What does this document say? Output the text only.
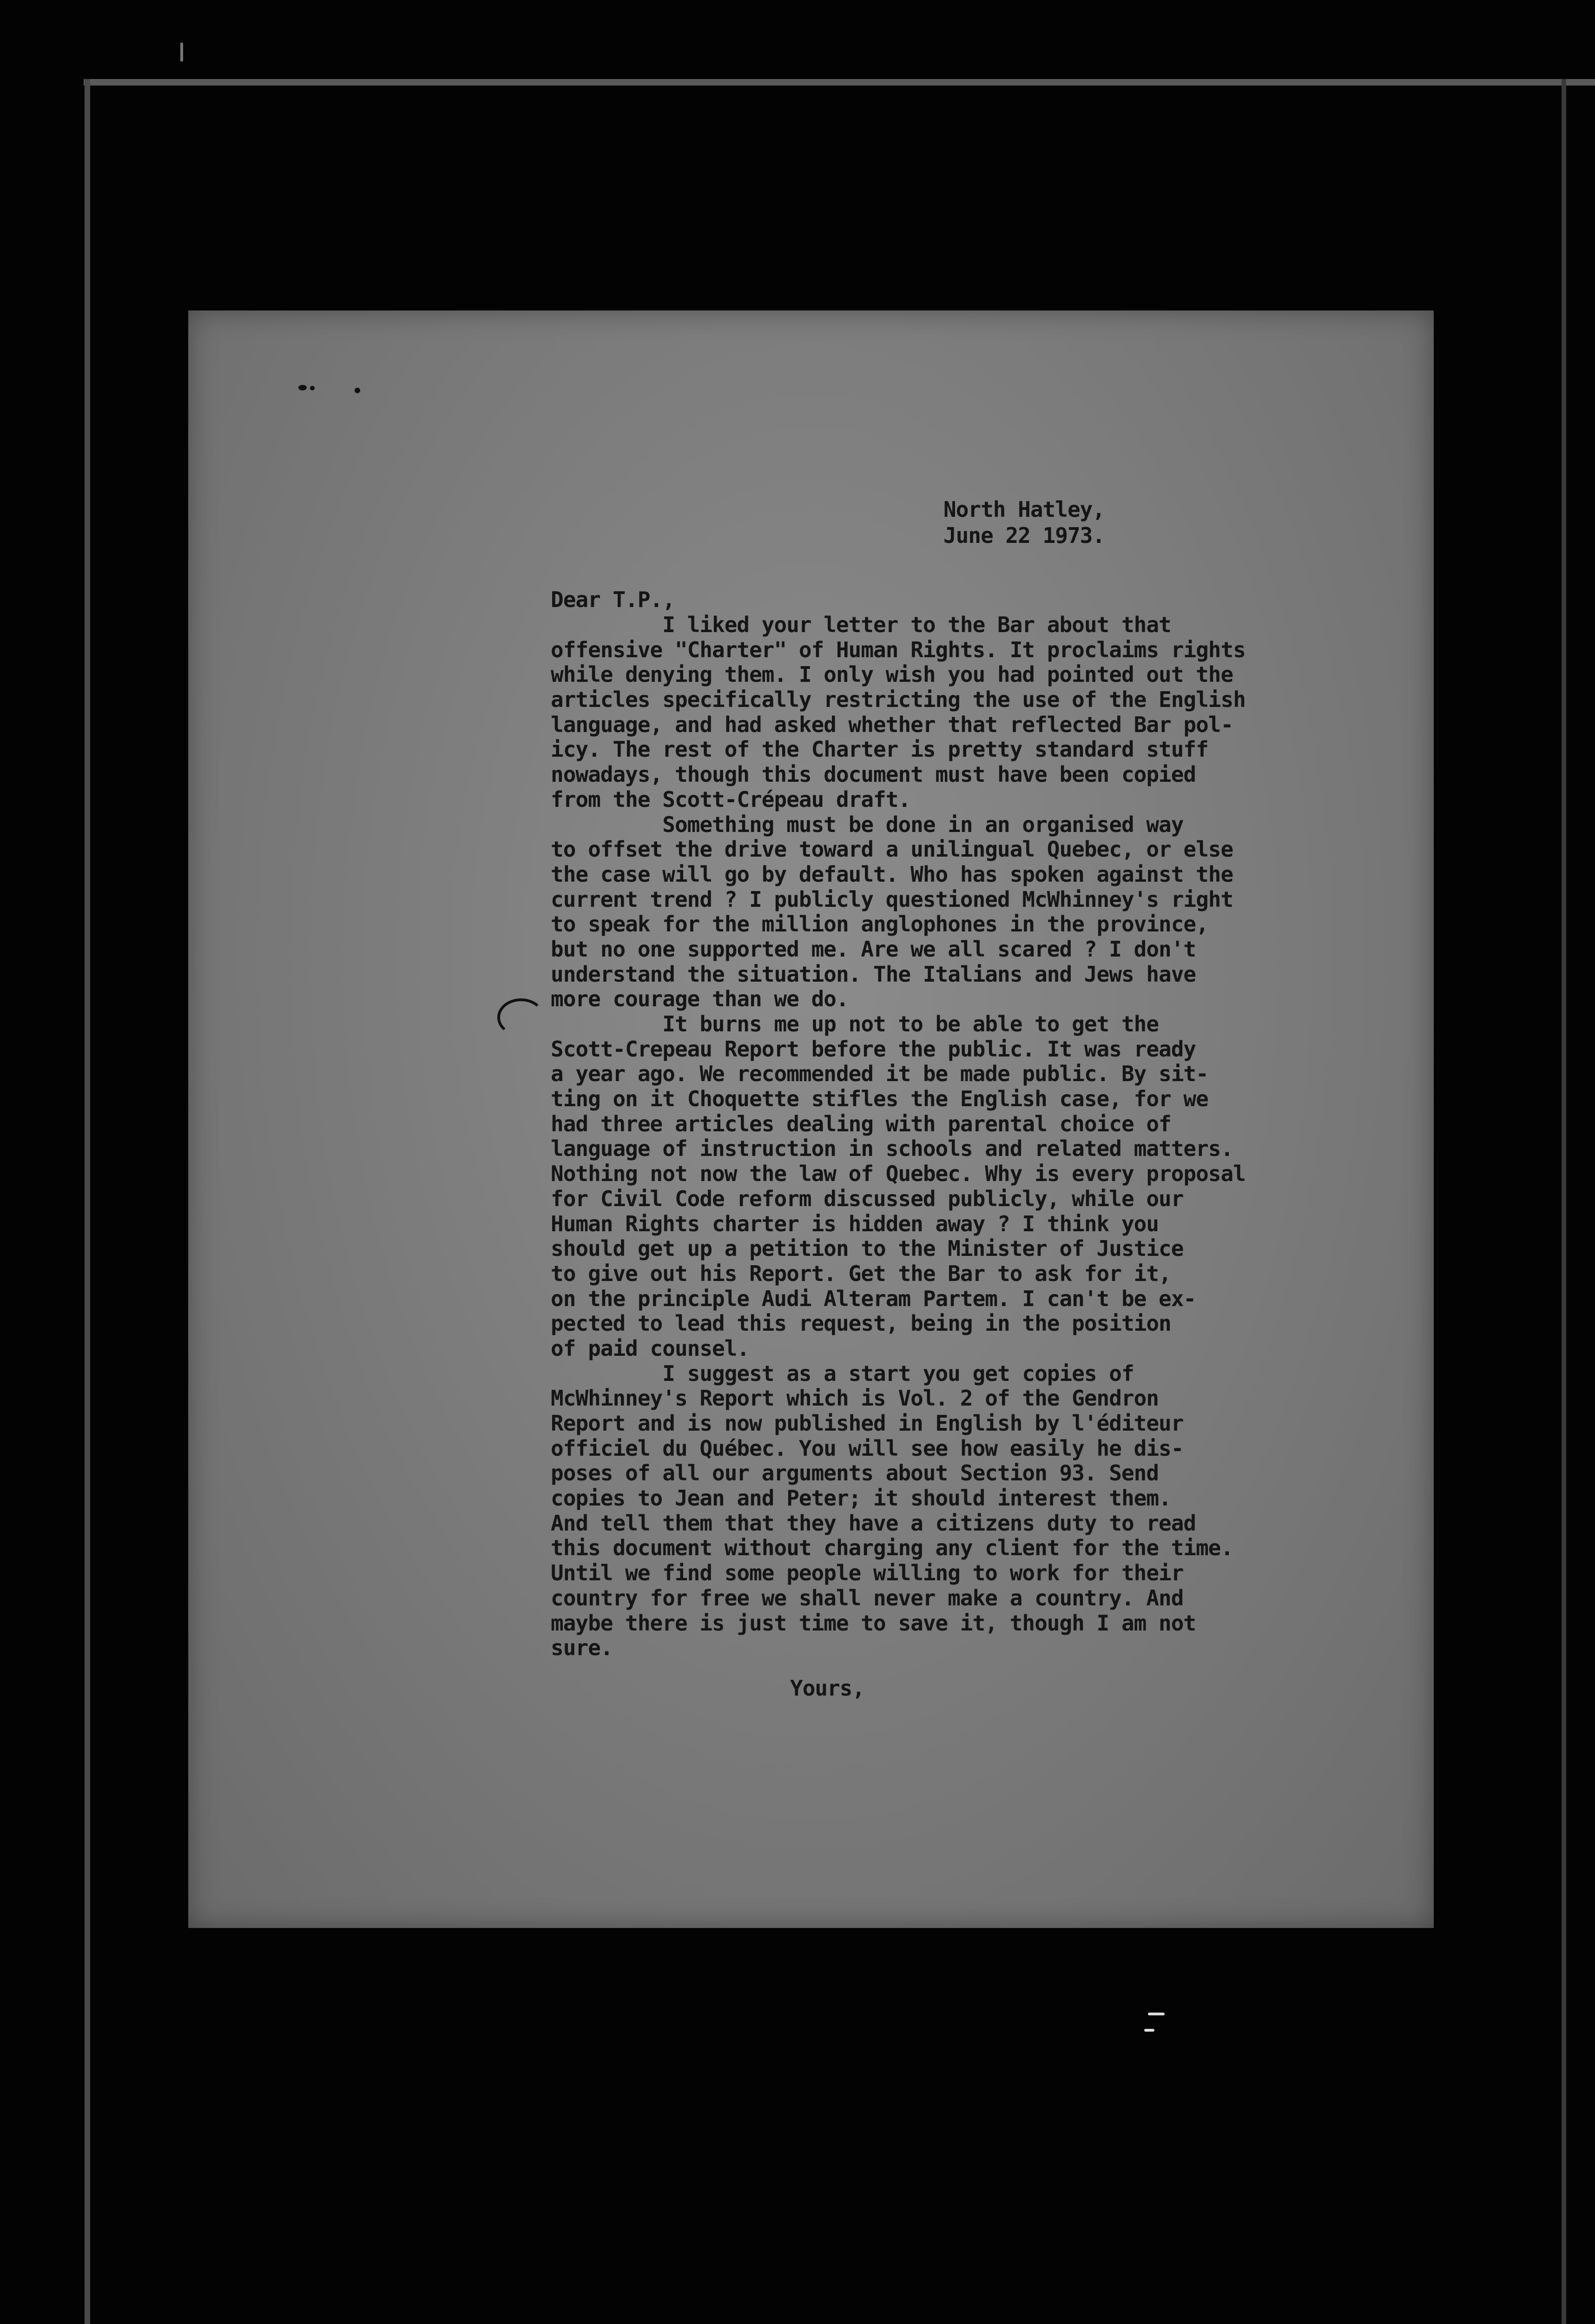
North Hatley,
June 22 1973.
Dear T.P.,
I liked your letter to the Bar about that
offensive "Charter" of Human Rights. It proclaims rights
while denying them. I only wish you had pointed out the
articles specifically restricting the use of the English
language, and had asked whether that reflected Bar pol-
icy. The rest of the Charter is pretty standard stuff
nowadays, though this document must have been copied
from the Scott-Crépeau draft.
Something must be done in an organised way
to offset the drive toward a unilingual Quebec, or else
the case will go by default. Who has spoken against the
current trend ? I publicly questioned McWhinney's right
to speak for the million anglophones in the province,
but no one supported me. Are we all scared ? I don't
understand the situation. The Italians and Jews have
more courage than we do.
It burns me up not to be able to get the
Scott-Crepeau Report before the public. It was ready
a year ago. We recommended it be made public. By sit-
ting on it Choquette stifles the English case, for we
had three articles dealing with parental choice of
language of instruction in schools and related matters.
Nothing not now the law of Quebec. Why is every proposal
for Civil Code reform discussed publicly, while our
Human Rights charter is hidden away ? I think you
should get up a petition to the Minister of Justice
to give out his Report. Get the Bar to ask for it,
on the principle Audi Alteram Partem. I can't be ex-
pected to lead this request, being in the position
of paid counsel.
I suggest as a start you get copies of
McWhinney's Report which is Vol. 2 of the Gendron
Report and is now published in English by l'éditeur
officiel du Québec. You will see how easily he dis-
poses of all our arguments about Section 93. Send
copies to Jean and Peter; it should interest them.
And tell them that they have a citizens duty to read
this document without charging any client for the time.
Until we find some people willing to work for their
country for free we shall never make a country. And
maybe there is just time to save it, though I am not
sure.
Yours,
